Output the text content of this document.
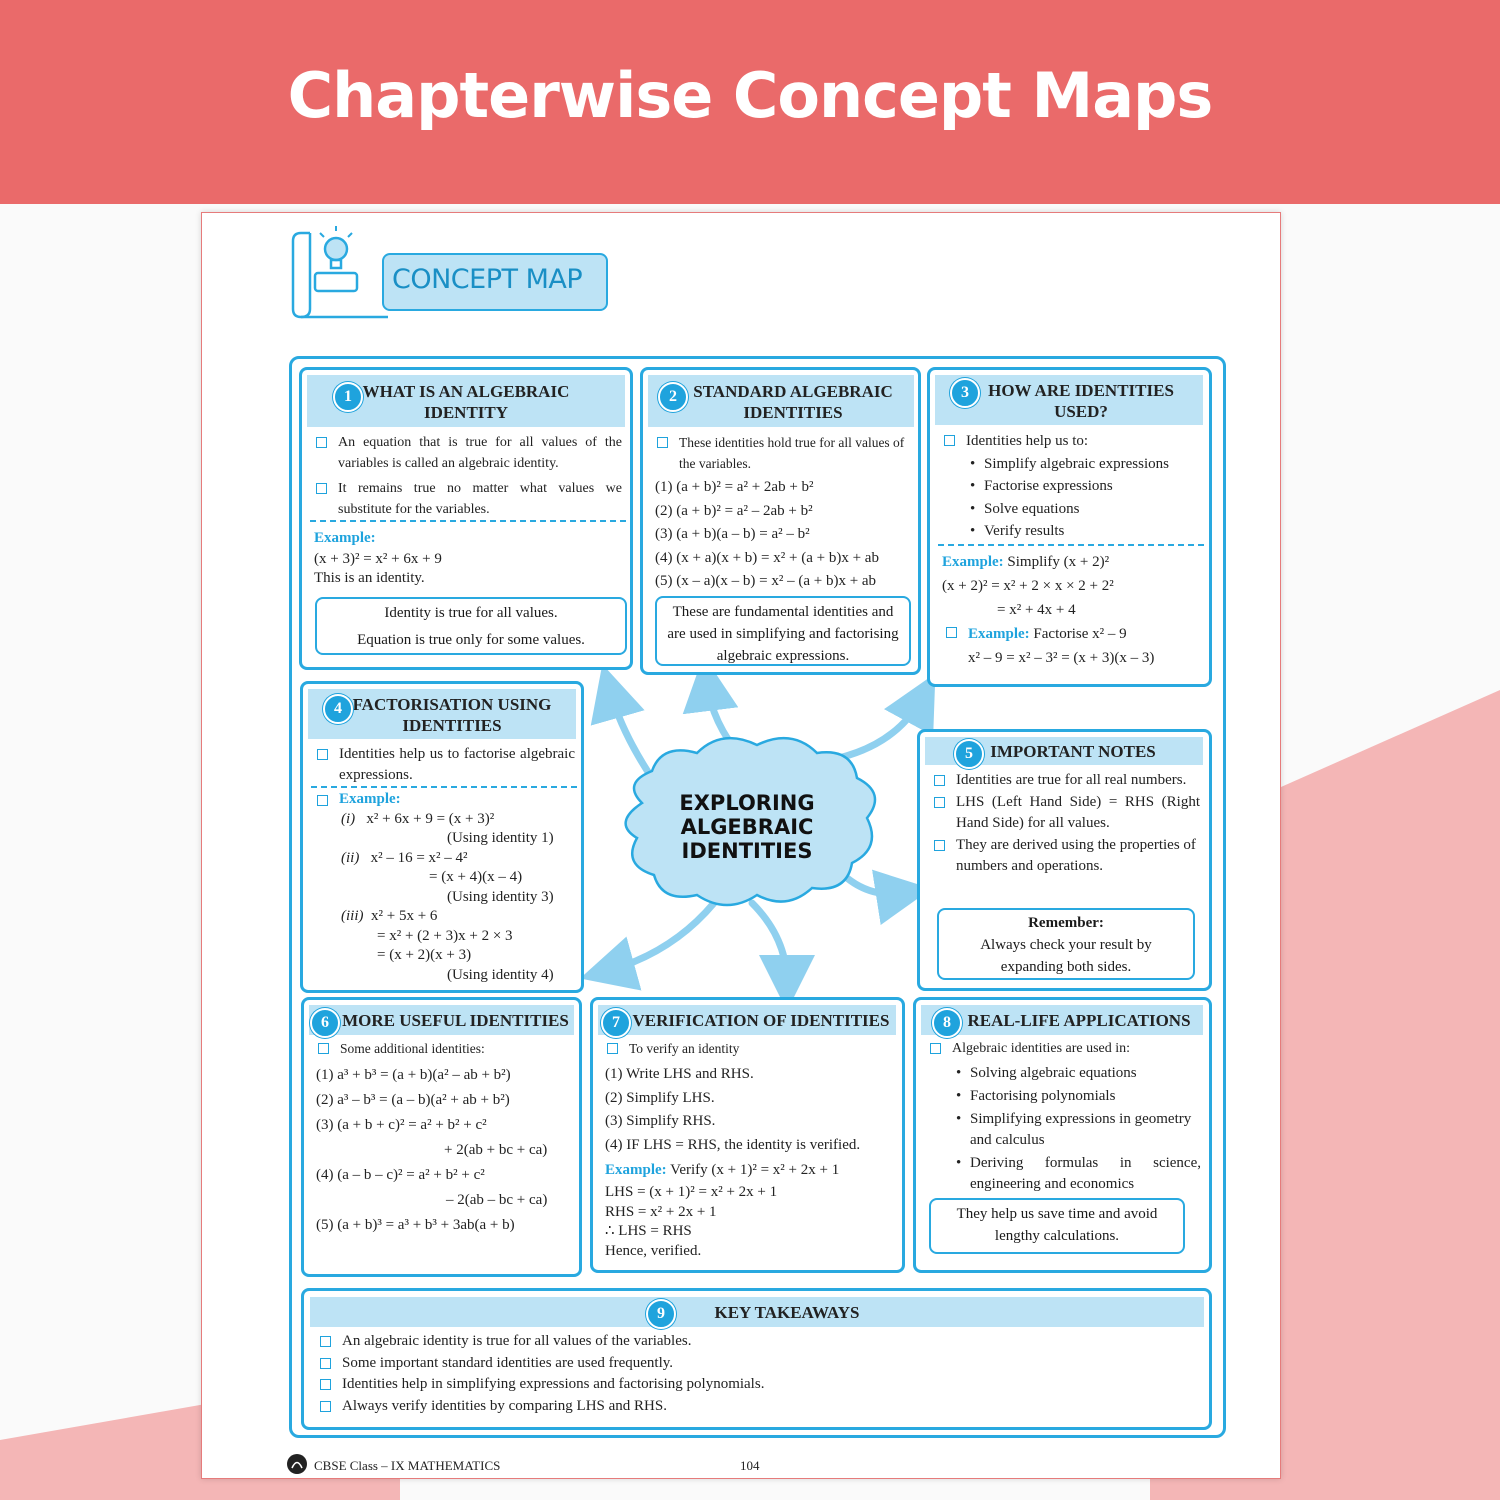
Chapterwise Concept Maps
CONCEPT MAP
EXPLORING
ALGEBRAIC
IDENTITIES
WHAT IS AN ALGEBRAIC
IDENTITY
1
An equation that is true for all values of the variables is called an algebraic identity.
It remains true no matter what values we substitute for the variables.
Example:
(x + 3)² = x² + 6x + 9
This is an identity.
Identity is true for all values.
Equation is true only for some values.
STANDARD ALGEBRAIC
IDENTITIES
2
These identities hold true for all values of the variables.
(1) (a + b)² = a² + 2ab + b²
(2) (a + b)² = a² – 2ab + b²
(3) (a + b)(a – b) = a² – b²
(4) (x + a)(x + b) = x² + (a + b)x + ab
(5) (x – a)(x – b) = x² – (a + b)x + ab
These are fundamental identities and are used in simplifying and factorising algebraic expressions.
HOW ARE IDENTITIES
USED?
3
Identities help us to:
• Simplify algebraic expressions
• Factorise expressions
• Solve equations
• Verify results
Example: Simplify (x + 2)²
(x + 2)² = x² + 2 × x × 2 + 2²
= x² + 4x + 4
Example: Factorise x² – 9
x² – 9 = x² – 3² = (x + 3)(x – 3)
FACTORISATION USING
IDENTITIES
4
Identities help us to factorise algebraic expressions.
Example:
(i) x² + 6x + 9 = (x + 3)²
(Using identity 1)
(ii) x² – 16 = x² – 4²
= (x + 4)(x – 4)
(Using identity 3)
(iii) x² + 5x + 6
= x² + (2 + 3)x + 2 × 3
= (x + 2)(x + 3)
(Using identity 4)
IMPORTANT NOTES
5
Identities are true for all real numbers.
LHS (Left Hand Side) = RHS (Right Hand Side) for all values.
They are derived using the properties of numbers and operations.
Remember:
Always check your result by expanding both sides.
MORE USEFUL IDENTITIES
6
Some additional identities:
(1) a³ + b³ = (a + b)(a² – ab + b²)
(2) a³ – b³ = (a – b)(a² + ab + b²)
(3) (a + b + c)² = a² + b² + c²
+ 2(ab + bc + ca)
(4) (a – b – c)² = a² + b² + c²
– 2(ab – bc + ca)
(5) (a + b)³ = a³ + b³ + 3ab(a + b)
VERIFICATION OF IDENTITIES
7
To verify an identity
(1) Write LHS and RHS.
(2) Simplify LHS.
(3) Simplify RHS.
(4) IF LHS = RHS, the identity is verified.
Example: Verify (x + 1)² = x² + 2x + 1
LHS = (x + 1)² = x² + 2x + 1
RHS = x² + 2x + 1
∴ LHS = RHS
Hence, verified.
REAL-LIFE APPLICATIONS
8
Algebraic identities are used in:
• Solving algebraic equations
• Factorising polynomials
• Simplifying expressions in geometry and calculus
• Deriving formulas in science, engineering and economics
They help us save time and avoid lengthy calculations.
KEY TAKEAWAYS
9
An algebraic identity is true for all values of the variables.
Some important standard identities are used frequently.
Identities help in simplifying expressions and factorising polynomials.
Always verify identities by comparing LHS and RHS.
CBSE Class – IX MATHEMATICS	104
